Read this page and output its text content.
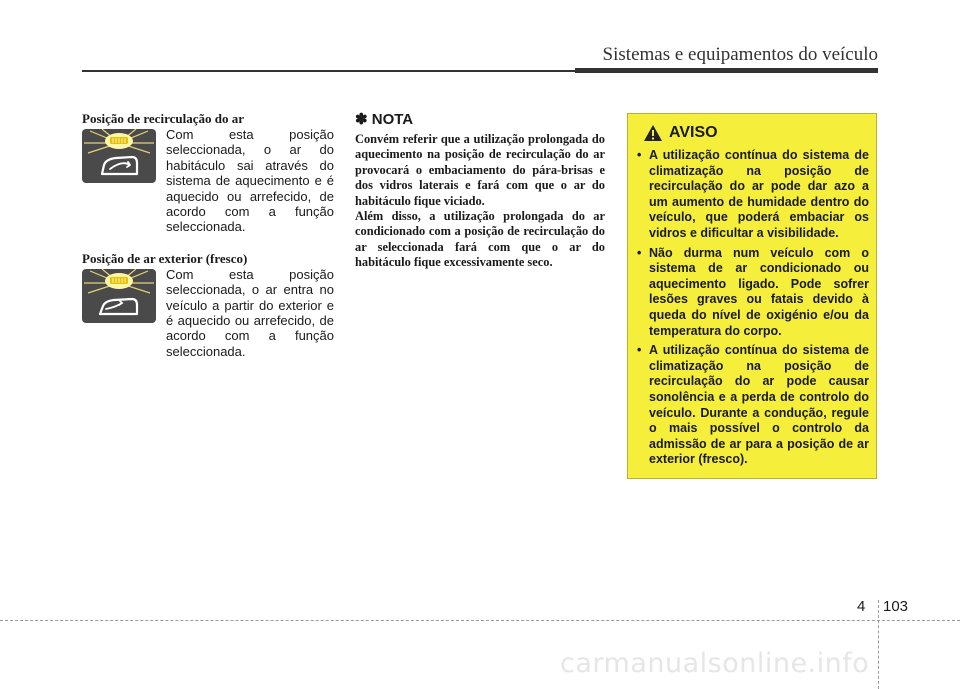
Sistemas e equipamentos do veículo

Posição de recirculação do ar

Com esta posição seleccionada, o ar do habitáculo sai através do sistema de aquecimento e é aquecido ou arrefecido, de acordo com a função seleccionada.

Posição de ar exterior (fresco)

Com esta posição seleccionada, o ar entra no veículo a partir do exterior e é aquecido ou arrefecido, de acordo com a função seleccionada.

✽ NOTA

Convém referir que a utilização prolongada do aquecimento na posição de recirculação do ar provocará o embaciamento do pára-brisas e dos vidros laterais e fará com que o ar do habitáculo fique viciado.
Além disso, a utilização prolongada do ar condicionado com a posição de recirculação do ar seleccionada fará com que o ar do habitáculo fique excessivamente seco.
AVISO
• A utilização contínua do sistema de climatização na posição de recirculação do ar pode dar azo a um aumento de humidade dentro do veículo, que poderá embaciar os vidros e dificultar a visibilidade.
• Não durma num veículo com o sistema de ar condicionado ou aquecimento ligado. Pode sofrer lesões graves ou fatais devido à queda do nível de oxigénio e/ou da temperatura do corpo.
• A utilização contínua do sistema de climatização na posição de recirculação do ar pode causar sonolência e a perda de controlo do veículo. Durante a condução, regule o mais possível o controlo da admissão de ar para a posição de ar exterior (fresco).
4 103
carmanualsonline.info
